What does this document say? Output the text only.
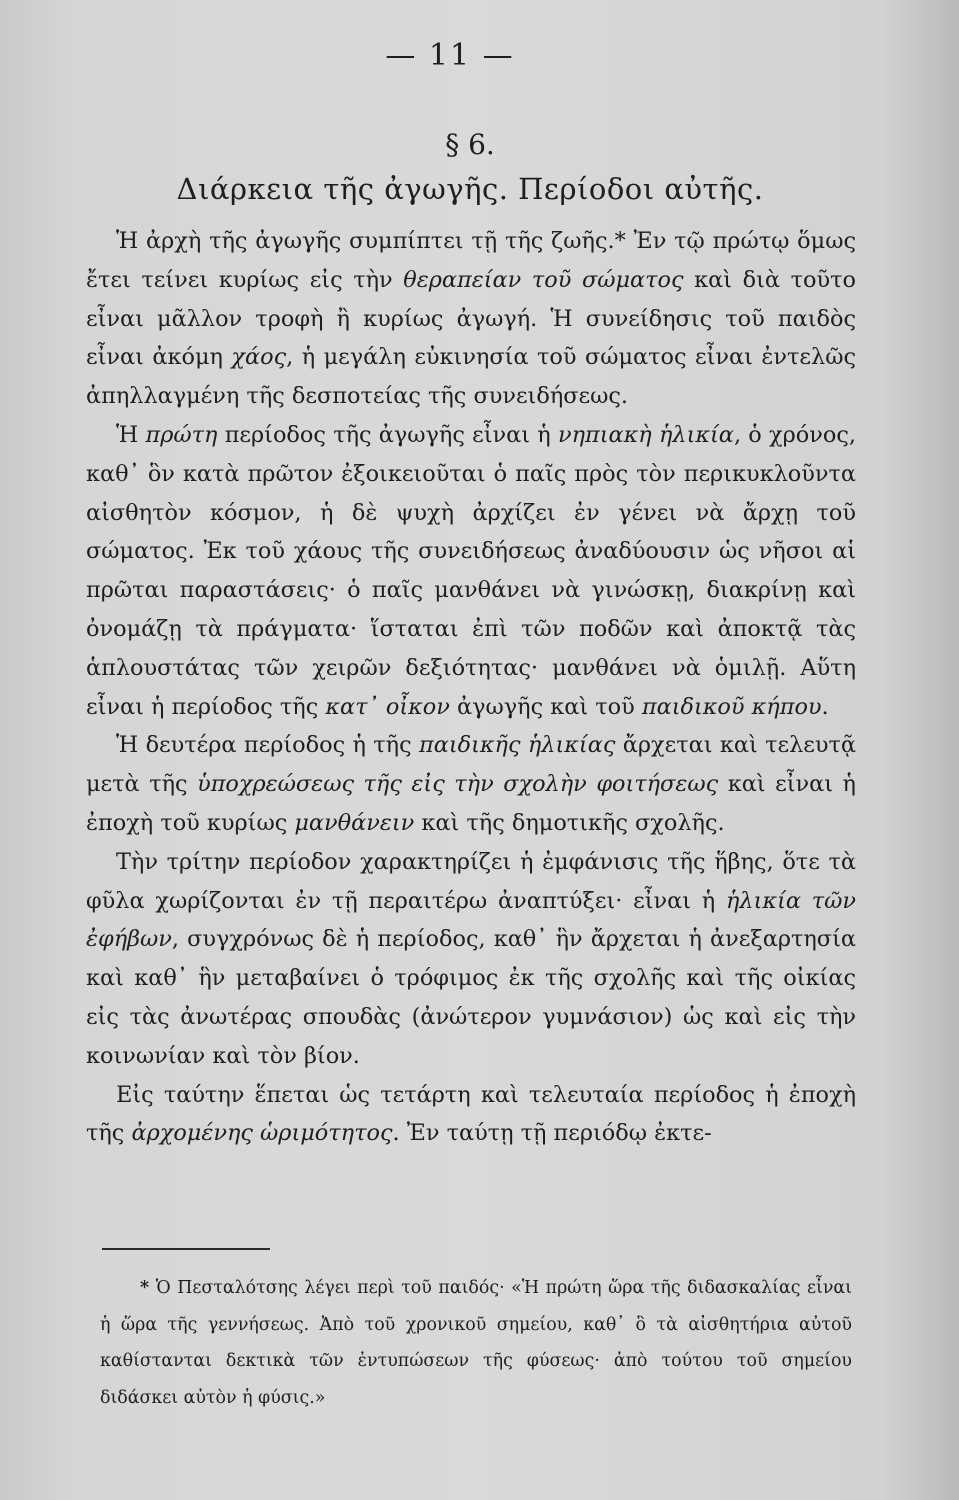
— 11 —
§ 6.
Διάρκεια τῆς ἀγωγῆς. Περίοδοι αὐτῆς.

Ἡ ἀρχὴ τῆς ἀγωγῆς συμπίπτει τῇ τῆς ζωῆς.* Ἐν τῷ πρώτῳ ὅμως ἔτει τείνει κυρίως εἰς τὴν θεραπείαν τοῦ σώματος καὶ διὰ τοῦτο εἶναι μᾶλλον τροφὴ ἢ κυρίως ἀγωγή. Ἡ συνείδησις τοῦ παιδὸς εἶναι ἀκόμη χάος, ἡ μεγάλη εὐκινησία τοῦ σώματος εἶναι ἐντελῶς ἀπηλλαγμένη τῆς δεσποτείας τῆς συνειδήσεως.

Ἡ πρώτη περίοδος τῆς ἀγωγῆς εἶναι ἡ νηπιακὴ ἡλικία, ὁ χρόνος, καθ᾽ ὃν κατὰ πρῶτον ἐξοικειοῦται ὁ παῖς πρὸς τὸν περικυκλοῦντα αἰσθητὸν κόσμον, ἡ δὲ ψυχὴ ἀρχίζει ἐν γένει νὰ ἄρχῃ τοῦ σώματος. Ἐκ τοῦ χάους τῆς συνειδήσεως ἀναδύουσιν ὡς νῆσοι αἱ πρῶται παραστάσεις· ὁ παῖς μανθάνει νὰ γινώσκῃ, διακρίνῃ καὶ ὀνομάζῃ τὰ πράγματα· ἵσταται ἐπὶ τῶν ποδῶν καὶ ἀποκτᾷ τὰς ἁπλουστάτας τῶν χειρῶν δεξιότητας· μανθάνει νὰ ὁμιλῇ. Αὕτη εἶναι ἡ περίοδος τῆς κατ᾽ οἶκον ἀγωγῆς καὶ τοῦ παιδικοῦ κήπου.

Ἡ δευτέρα περίοδος ἡ τῆς παιδικῆς ἡλικίας ἄρχεται καὶ τελευτᾷ μετὰ τῆς ὑποχρεώσεως τῆς εἰς τὴν σχολὴν φοιτήσεως καὶ εἶναι ἡ ἐποχὴ τοῦ κυρίως μανθάνειν καὶ τῆς δημοτικῆς σχολῆς.

Τὴν τρίτην περίοδον χαρακτηρίζει ἡ ἐμφάνισις τῆς ἥβης, ὅτε τὰ φῦλα χωρίζονται ἐν τῇ περαιτέρω ἀναπτύξει· εἶναι ἡ ἡλικία τῶν ἐφήβων, συγχρόνως δὲ ἡ περίοδος, καθ᾽ ἣν ἄρχεται ἡ ἀνεξαρτησία καὶ καθ᾽ ἣν μεταβαίνει ὁ τρόφιμος ἐκ τῆς σχολῆς καὶ τῆς οἰκίας εἰς τὰς ἀνωτέρας σπουδὰς (ἀνώτερον γυμνάσιον) ὡς καὶ εἰς τὴν κοινωνίαν καὶ τὸν βίον.

Εἰς ταύτην ἕπεται ὡς τετάρτη καὶ τελευταία περίοδος ἡ ἐποχὴ τῆς ἀρχομένης ὡριμότητος. Ἐν ταύτῃ τῇ περιόδῳ ἐκτε-

* Ὁ Πεσταλότσης λέγει περὶ τοῦ παιδός· «Ἡ πρώτη ὥρα τῆς διδασκαλίας εἶναι ἡ ὥρα τῆς γεννήσεως. Ἀπὸ τοῦ χρονικοῦ σημείου, καθ᾽ ὃ τὰ αἰσθητήρια αὐτοῦ καθίστανται δεκτικὰ τῶν ἐντυπώσεων τῆς φύσεως· ἀπὸ τούτου τοῦ σημείου διδάσκει αὐτὸν ἡ φύσις.»
